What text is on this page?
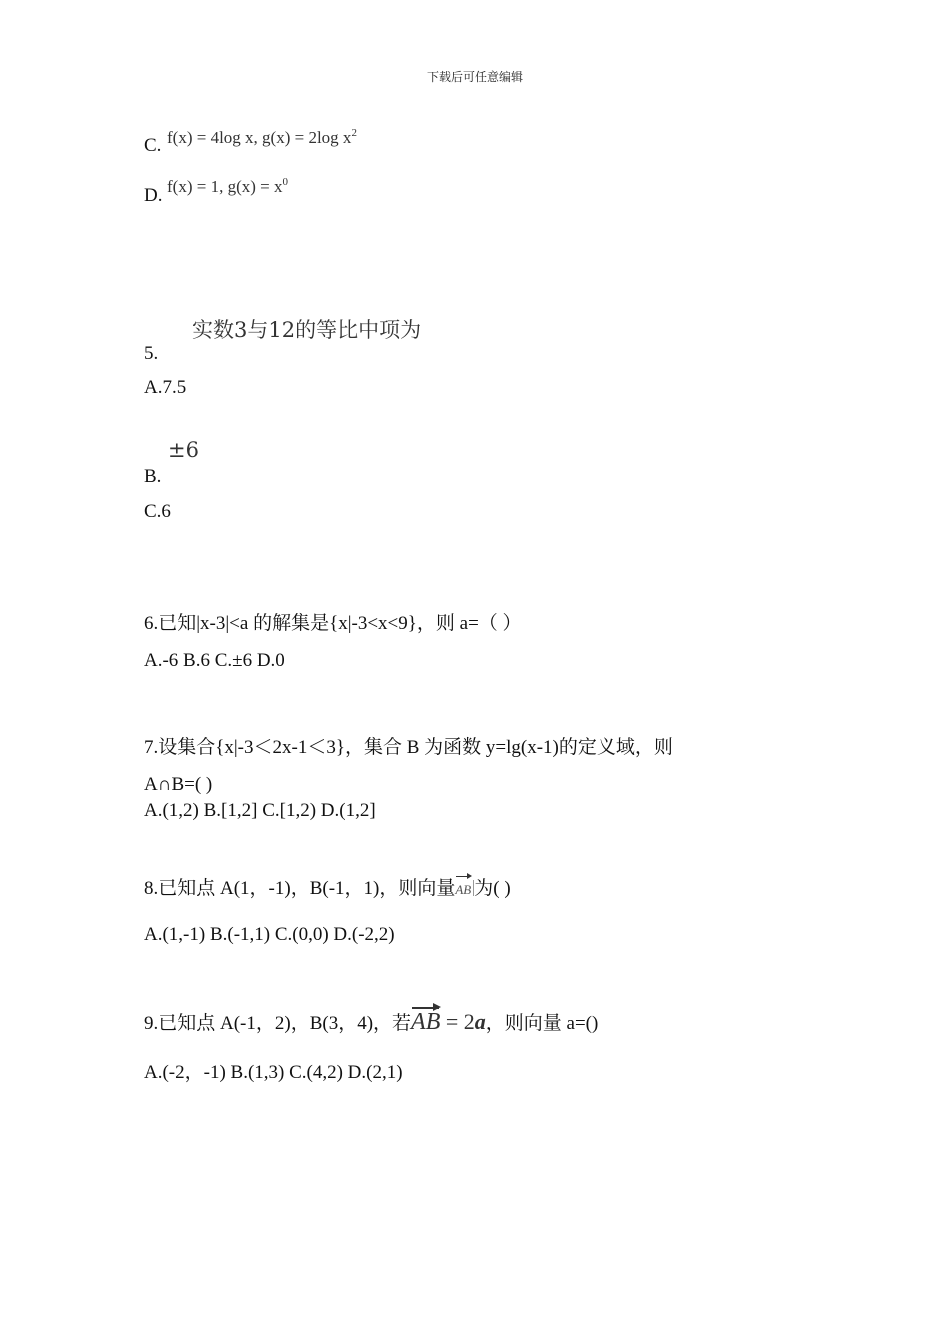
下载后可任意编辑
C. f(x) = 4log x, g(x) = 2log $x^2$
D. f(x) = 1, $g(x) = x^0$
实数3与12的等比中项为
5.
A.7.5
±6
B.
C.6
6.已知|x-3|<a 的解集是{x|-3<x<9}，则 a=（ ）
A.-6 B.6 C.±6 D.0
7.设集合{x|-3＜2x-1＜3}，集合 B 为函数 y=lg(x-1)的定义域，则
A∩B=( )
A.(1,2) B.[1,2] C.[1,2) D.(1,2]
8.已知点 A(1，-1)，B(-1，1)，则向量AB 为( )
A.(1,-1) B.(-1,1) C.(0,0) D.(-2,2)
9.已知点 A(-1，2)，B(3，4)，若AB = 2a，则向量 a=()
A.(-2，-1) B.(1,3) C.(4,2) D.(2,1)
